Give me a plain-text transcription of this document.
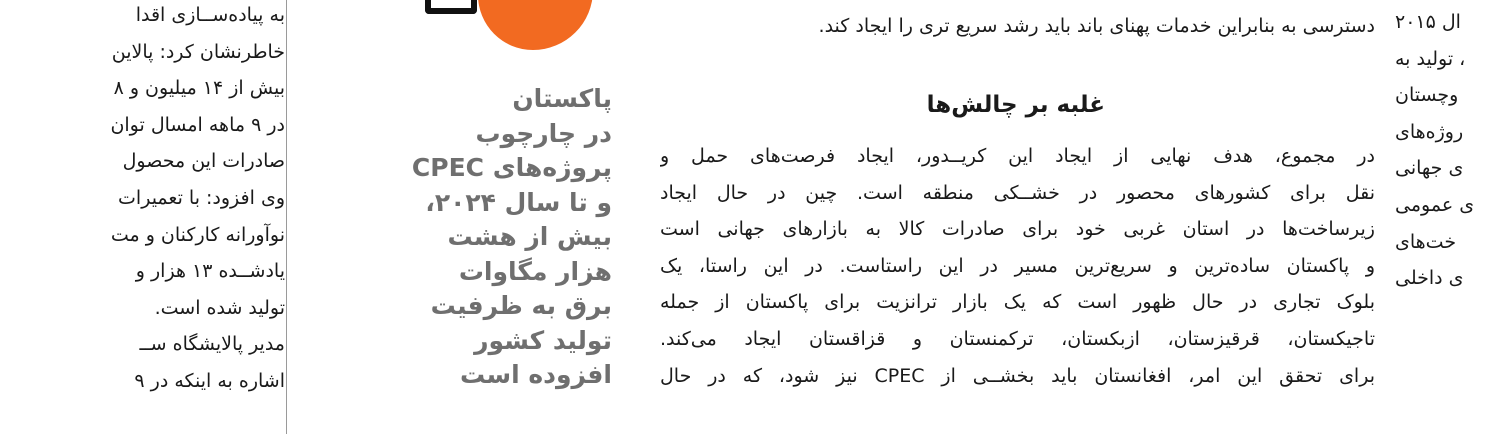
به پیاده‌ســازی اقدا
خاطرنشان کرد: پالاین
بیش از ۱۴ میلیون و ۸
در ۹ ماهه امسال توان
صادرات این محصول
وی افزود: با تعمیرات
نوآورانه کارکنان و مت
یادشــده ۱۳ هزار و
تولید شده است.
مدیر پالایشگاه ســ
اشاره به اینکه در ۹
پاکستان
در چارچوب
پروژه‌های CPEC
و تا سال ۲۰۲۴،
بیش از هشت
هزار مگاوات
برق به ظرفیت
تولید کشور
افزوده است
دسترسی به بنابراین خدمات پهنای باند باید رشد سریع تری را ایجاد کند.
غلبه بر چالش‌ها
در مجموع، هدف نهایی از ایجاد این کریــدور، ایجاد فرصت‌های حمل و
نقل برای کشورهای محصور در خشــکی منطقه است. چین در حال ایجاد
زیرساخت‌ها در استان غربی خود برای صادرات کالا به بازارهای جهانی است
و پاکستان ساده‌ترین و سریع‌ترین مسیر در این راستاست. در این راستا، یک
بلوک تجاری در حال ظهور است که یک بازار ترانزیت برای پاکستان از جمله
تاجیکستان، قرقیزستان، ازبکستان، ترکمنستان و قزاقستان ایجاد می‌کند.
برای تحقق این امر، افغانستان باید بخشــی از CPEC نیز شود، که در حال
ال ۲۰۱۵
، تولید به
وچستان
روژه‌های
ی جهانی
ی عمومی
خت‌های
ی داخلی
